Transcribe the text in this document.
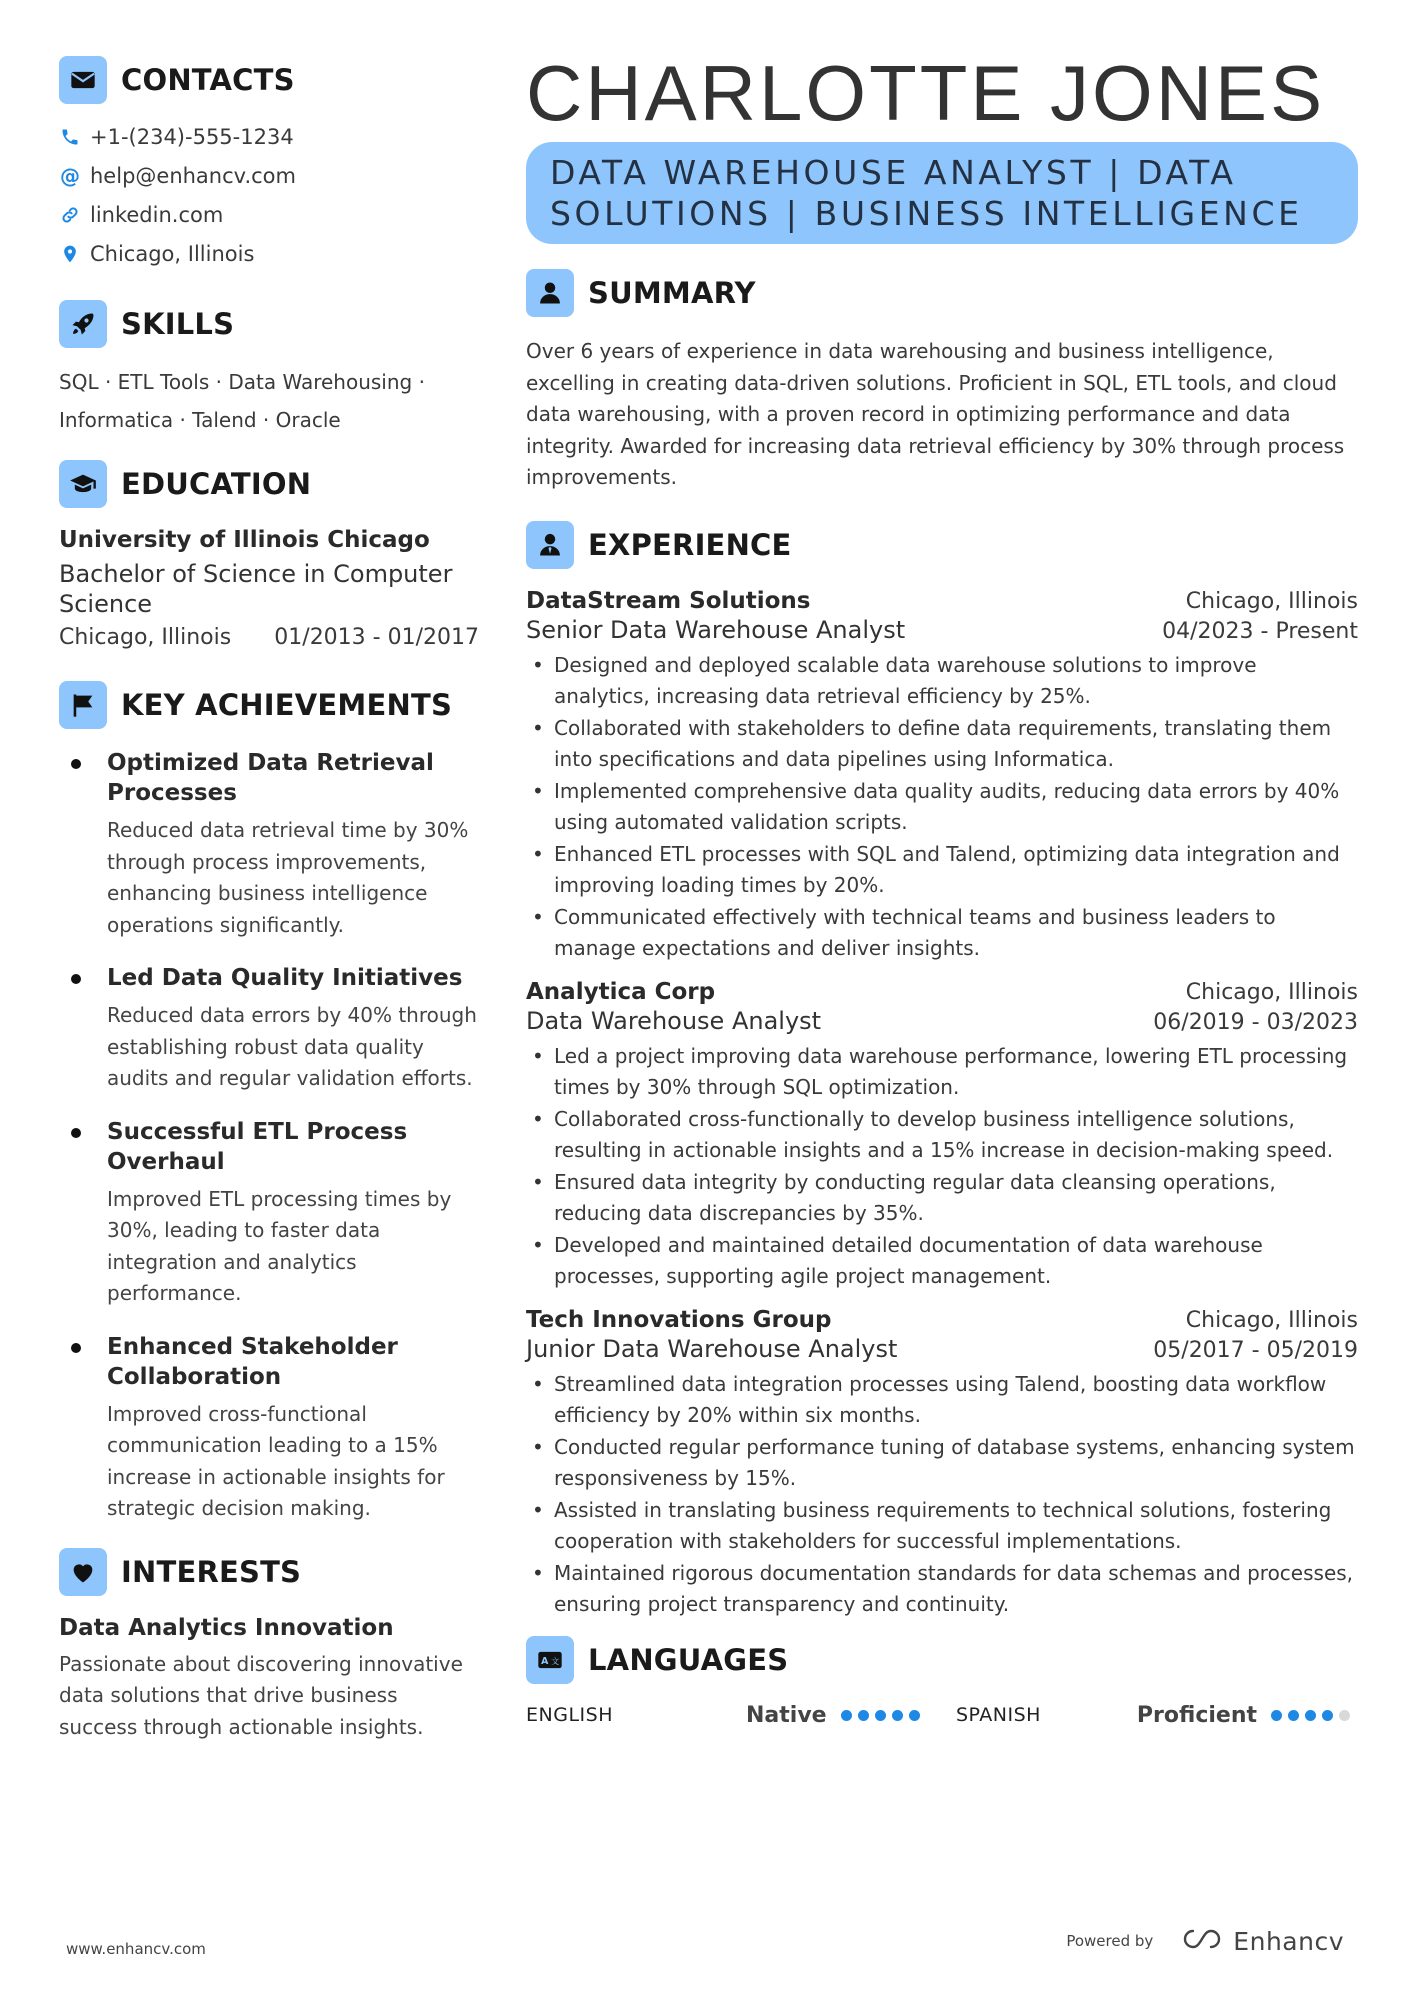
CONTACTS
+1-(234)-555-1234
@ help@enhancv.com
linkedin.com
Chicago, Illinois
SKILLS
SQL · ETL Tools · Data Warehousing · Informatica · Talend · Oracle
EDUCATION
University of Illinois Chicago
Bachelor of Science in Computer Science
Chicago, Illinois 01/2013 - 01/2017
KEY ACHIEVEMENTS
Optimized Data Retrieval Processes
Reduced data retrieval time by 30% through process improvements, enhancing business intelligence operations significantly.
Led Data Quality Initiatives
Reduced data errors by 40% through establishing robust data quality audits and regular validation efforts.
Successful ETL Process Overhaul
Improved ETL processing times by 30%, leading to faster data integration and analytics performance.
Enhanced Stakeholder Collaboration
Improved cross-functional communication leading to a 15% increase in actionable insights for strategic decision making.
INTERESTS
Data Analytics Innovation
Passionate about discovering innovative data solutions that drive business success through actionable insights.
CHARLOTTE JONES
DATA WAREHOUSE ANALYST | DATA SOLUTIONS | BUSINESS INTELLIGENCE
SUMMARY
Over 6 years of experience in data warehousing and business intelligence, excelling in creating data-driven solutions. Proficient in SQL, ETL tools, and cloud data warehousing, with a proven record in optimizing performance and data integrity. Awarded for increasing data retrieval efficiency by 30% through process improvements.
EXPERIENCE
DataStream Solutions	Chicago, Illinois
Senior Data Warehouse Analyst	04/2023 - Present
• Designed and deployed scalable data warehouse solutions to improve analytics, increasing data retrieval efficiency by 25%.
• Collaborated with stakeholders to define data requirements, translating them into specifications and data pipelines using Informatica.
• Implemented comprehensive data quality audits, reducing data errors by 40% using automated validation scripts.
• Enhanced ETL processes with SQL and Talend, optimizing data integration and improving loading times by 20%.
• Communicated effectively with technical teams and business leaders to manage expectations and deliver insights.
Analytica Corp	Chicago, Illinois
Data Warehouse Analyst	06/2019 - 03/2023
• Led a project improving data warehouse performance, lowering ETL processing times by 30% through SQL optimization.
• Collaborated cross-functionally to develop business intelligence solutions, resulting in actionable insights and a 15% increase in decision-making speed.
• Ensured data integrity by conducting regular data cleansing operations, reducing data discrepancies by 35%.
• Developed and maintained detailed documentation of data warehouse processes, supporting agile project management.
Tech Innovations Group	Chicago, Illinois
Junior Data Warehouse Analyst	05/2017 - 05/2019
• Streamlined data integration processes using Talend, boosting data workflow efficiency by 20% within six months.
• Conducted regular performance tuning of database systems, enhancing system responsiveness by 15%.
• Assisted in translating business requirements to technical solutions, fostering cooperation with stakeholders for successful implementations.
• Maintained rigorous documentation standards for data schemas and processes, ensuring project transparency and continuity.
A 文 LANGUAGES
ENGLISH	Native	SPANISH	Proficient
www.enhancv.com	Powered by	Enhancv
